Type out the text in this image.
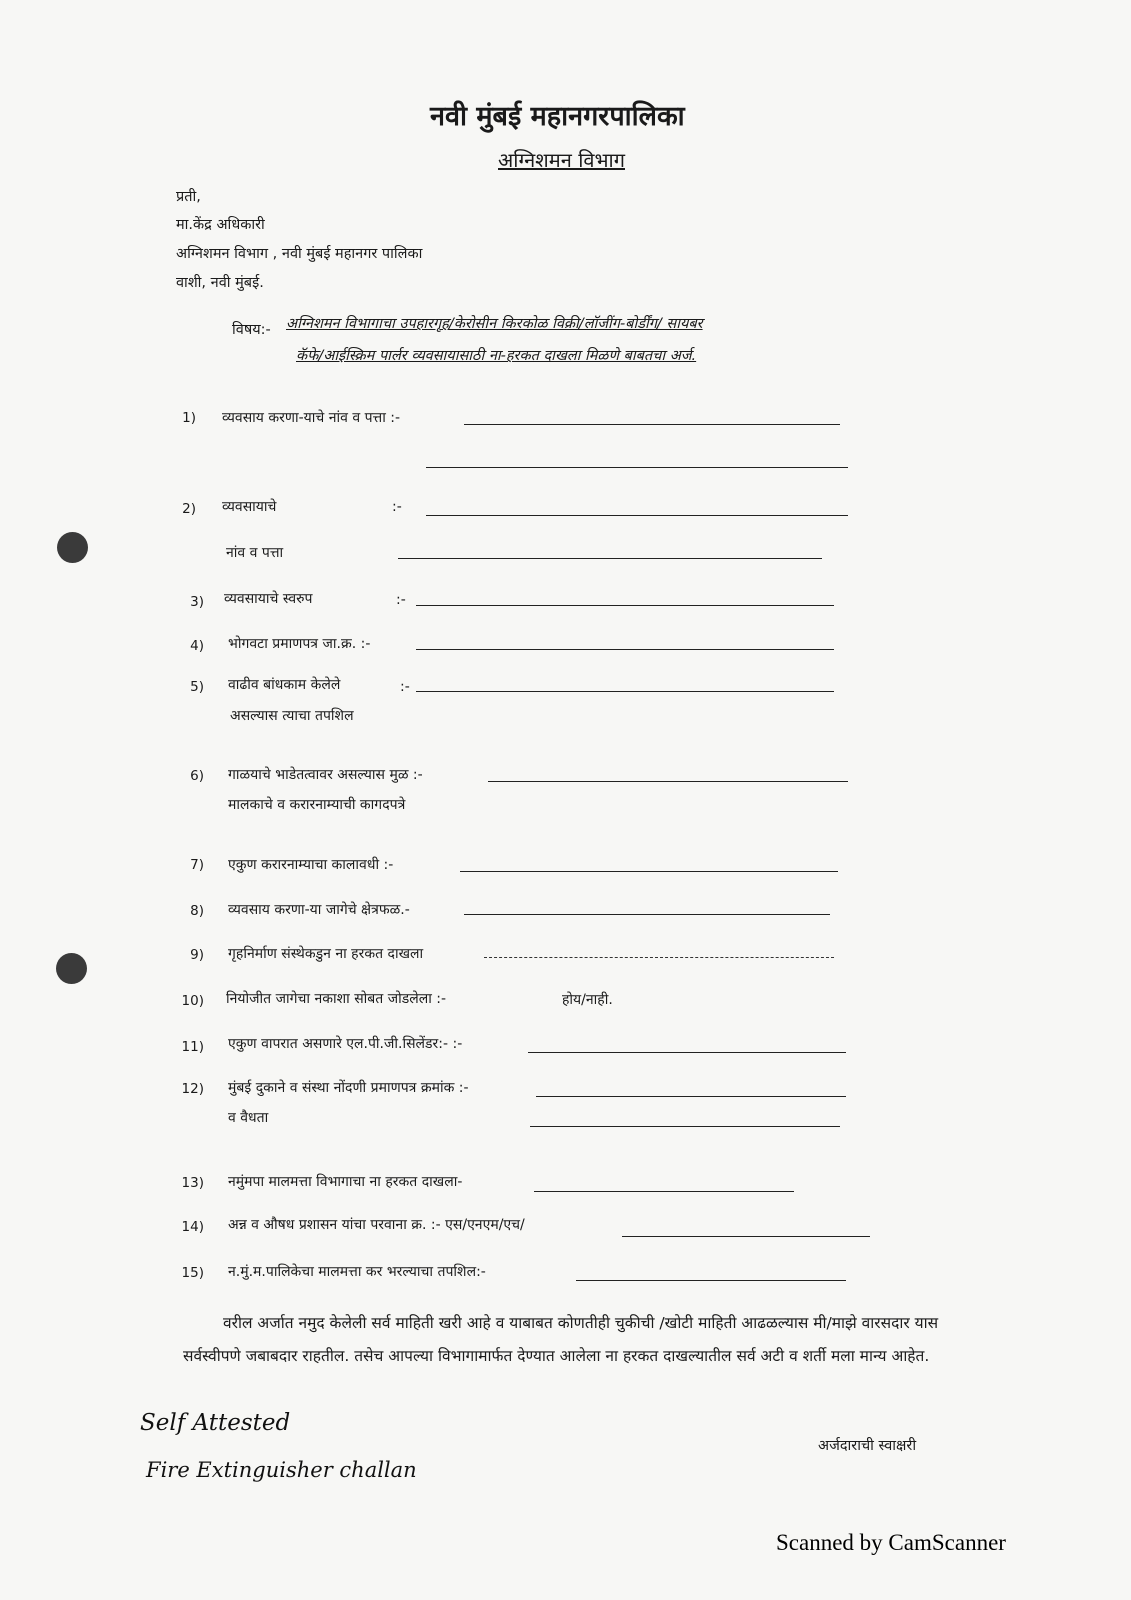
नवी मुंबई महानगरपालिका
अग्निशमन विभाग
प्रती,
मा.केंद्र अधिकारी
अग्निशमन विभाग , नवी मुंबई महानगर पालिका
वाशी, नवी मुंबई.
विषय:- अग्निशमन विभागाचा उपहारगृह/केरोसीन किरकोळ विक्री/लॉजींग-बोर्डींग/ सायबर
कॅफे/आईस्क्रिम पार्लर व्यवसायासाठी ना-हरकत दाखला मिळणे बाबतचा अर्ज.
1) व्यवसाय करणा-याचे नांव व पत्ता :-
2) व्यवसायाचे	:-
नांव व पत्ता
3) व्यवसायाचे स्वरुप	:-
4) भोगवटा प्रमाणपत्र जा.क्र. :-
5) वाढीव बांधकाम केलेले	:-
असल्यास त्याचा तपशिल
6) गाळयाचे भाडेतत्वावर असल्यास मुळ :-
मालकाचे व करारनाम्याची कागदपत्रे
7) एकुण करारनाम्याचा कालावधी :-
8) व्यवसाय करणा-या जागेचे क्षेत्रफळ.-
9) गृहनिर्माण संस्थेकडुन ना हरकत दाखला
10) नियोजीत जागेचा नकाशा सोबत जोडलेला :-	होय/नाही.
11) एकुण वापरात असणारे एल.पी.जी.सिलेंडर:- :-
12) मुंबई दुकाने व संस्था नोंदणी प्रमाणपत्र क्रमांक :-
व वैधता
13) नमुंमपा मालमत्ता विभागाचा ना हरकत दाखला-
14) अन्न व औषध प्रशासन यांचा परवाना क्र. :- एस/एनएम/एच/
15) न.मुं.म.पालिकेचा मालमत्ता कर भरल्याचा तपशिल:-
वरील अर्जात नमुद केलेली सर्व माहिती खरी आहे व याबाबत कोणतीही चुकीची /खोटी माहिती आढळल्यास मी/माझे वारसदार यास सर्वस्वीपणे जबाबदार राहतील. तसेच आपल्या विभागामार्फत देण्यात आलेला ना हरकत दाखल्यातील सर्व अटी व शर्ती मला मान्य आहेत.
Self Attested
Fire Extinguisher challan
अर्जदाराची स्वाक्षरी
Scanned by CamScanner
